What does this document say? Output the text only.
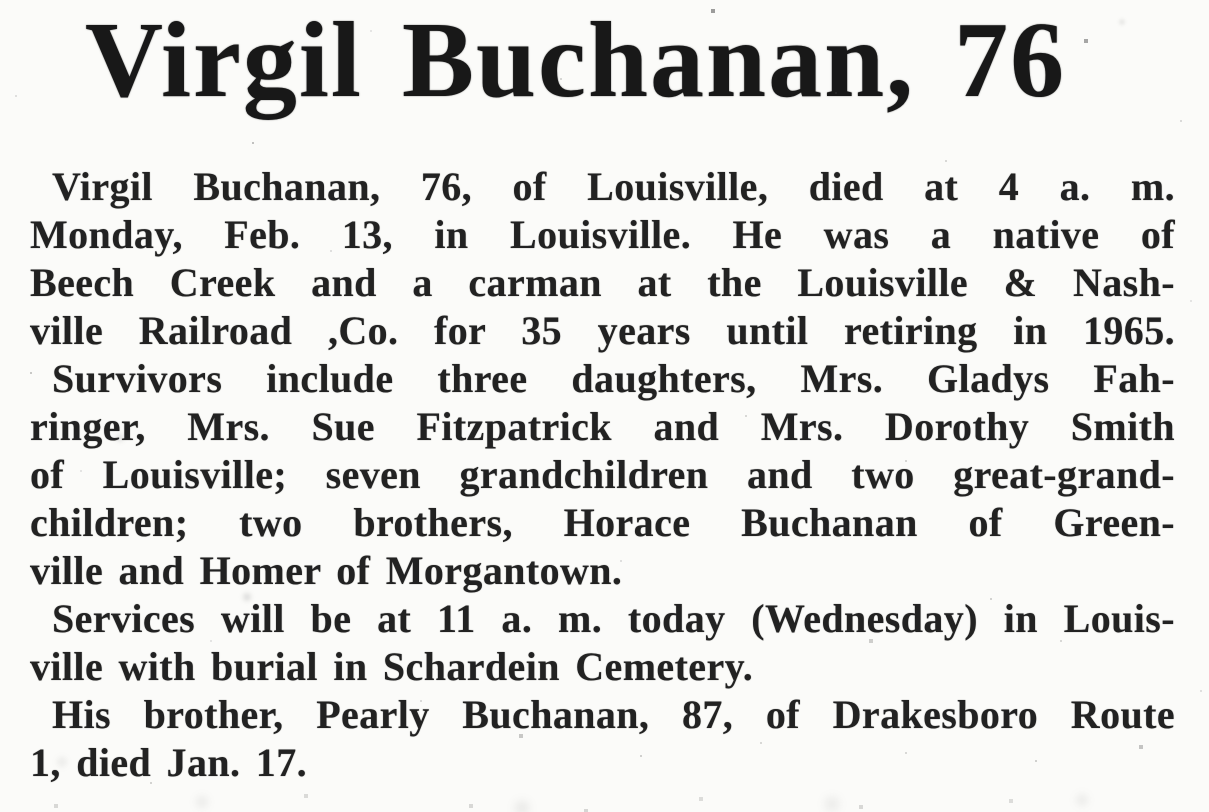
Virgil Buchanan, 76
Virgil Buchanan, 76, of Louisville, died at 4 a. m.
Monday, Feb. 13, in Louisville. He was a native of
Beech Creek and a carman at the Louisville & Nash-
ville Railroad ,Co. for 35 years until retiring in 1965.
Survivors include three daughters, Mrs. Gladys Fah-
ringer, Mrs. Sue Fitzpatrick and Mrs. Dorothy Smith
of Louisville; seven grandchildren and two great-grand-
children; two brothers, Horace Buchanan of Green-
ville and Homer of Morgantown.
Services will be at 11 a. m. today (Wednesday) in Louis-
ville with burial in Schardein Cemetery.
His brother, Pearly Buchanan, 87, of Drakesboro Route
1, died Jan. 17.
